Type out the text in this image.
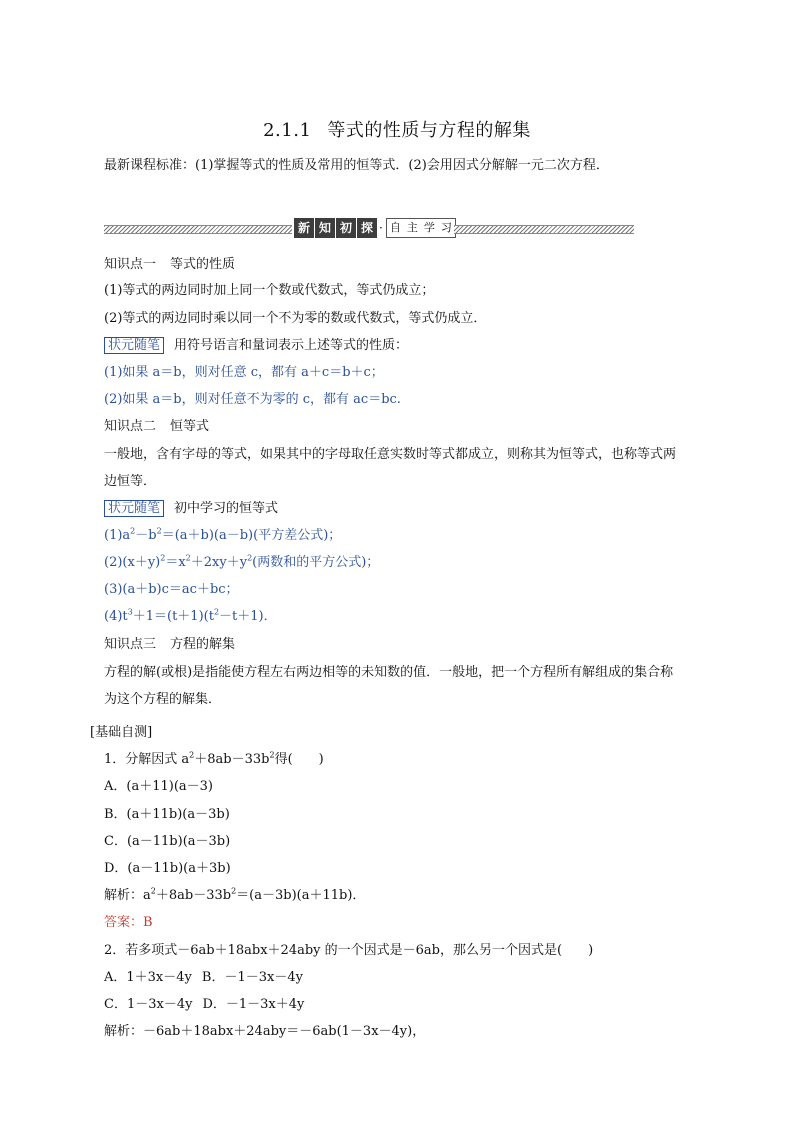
2.1.1 等式的性质与方程的解集
最新课程标准：(1)掌握等式的性质及常用的恒等式．(2)会用因式分解解一元二次方程．
新 知 初 探 · 自 主 学 习
知识点一 等式的性质
(1)等式的两边同时加上同一个数或代数式，等式仍成立；
(2)等式的两边同时乘以同一个不为零的数或代数式，等式仍成立．
状元随笔 用符号语言和量词表示上述等式的性质：
(1)如果 a＝b，则对任意 c，都有 a＋c＝b＋c；
(2)如果 a＝b，则对任意不为零的 c，都有 ac＝bc.
知识点二 恒等式
一般地，含有字母的等式，如果其中的字母取任意实数时等式都成立，则称其为恒等式，也称等式两
边恒等．
状元随笔 初中学习的恒等式
$(1)a^2-b^2=(a+b)(a-b)$(平方差公式)；
$(2)(x+y)^2=x^2+2xy+y^2$(两数和的平方公式)；
(3)(a＋b)c＝ac＋bc；
$(4)t^3+1=(t+1)(t^2-t+1)$．
知识点三 方程的解集
方程的解(或根)是指能使方程左右两边相等的未知数的值．一般地，把一个方程所有解组成的集合称
为这个方程的解集．
[基础自测]
1．分解因式 $a^2+8ab-33b^2$得(　　)
A．(a＋11)(a－3)
B．(a＋11b)(a－3b)
C．(a－11b)(a－3b)
D．(a－11b)(a＋3b)
解析：$a^2+8ab-33b^2=(a-3b)(a+11b)$．
答案：B
2．若多项式－6ab＋18abx＋24aby 的一个因式是－6ab，那么另一个因式是(　　)
A．1＋3x－4y B．－1－3x－4y
C．1－3x－4y D．－1－3x＋4y
解析：－6ab＋18abx＋24aby＝－6ab(1－3x－4y)，
